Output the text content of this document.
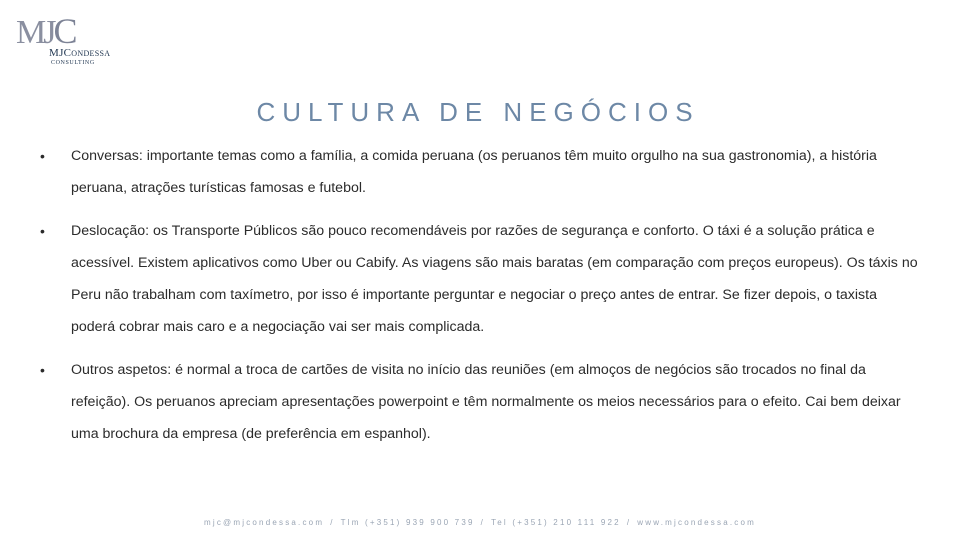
MJC
MJCondessa
CONSULTING
CULTURA DE NEGÓCIOS
• Conversas: importante temas como a família, a comida peruana (os peruanos têm muito orgulho na sua gastronomia), a história peruana, atrações turísticas famosas e futebol.
• Deslocação: os Transporte Públicos são pouco recomendáveis por razões de segurança e conforto. O táxi é a solução prática e acessível. Existem aplicativos como Uber ou Cabify. As viagens são mais baratas (em comparação com preços europeus). Os táxis no Peru não trabalham com taxímetro, por isso é importante perguntar e negociar o preço antes de entrar. Se fizer depois, o taxista poderá cobrar mais caro e a negociação vai ser mais complicada.
• Outros aspetos: é normal a troca de cartões de visita no início das reuniões (em almoços de negócios são trocados no final da refeição). Os peruanos apreciam apresentações powerpoint e têm normalmente os meios necessários para o efeito. Cai bem deixar uma brochura da empresa (de preferência em espanhol).
mjc@mjcondessa.com / Tlm (+351) 939 900 739 / Tel (+351) 210 111 922 / www.mjcondessa.com
